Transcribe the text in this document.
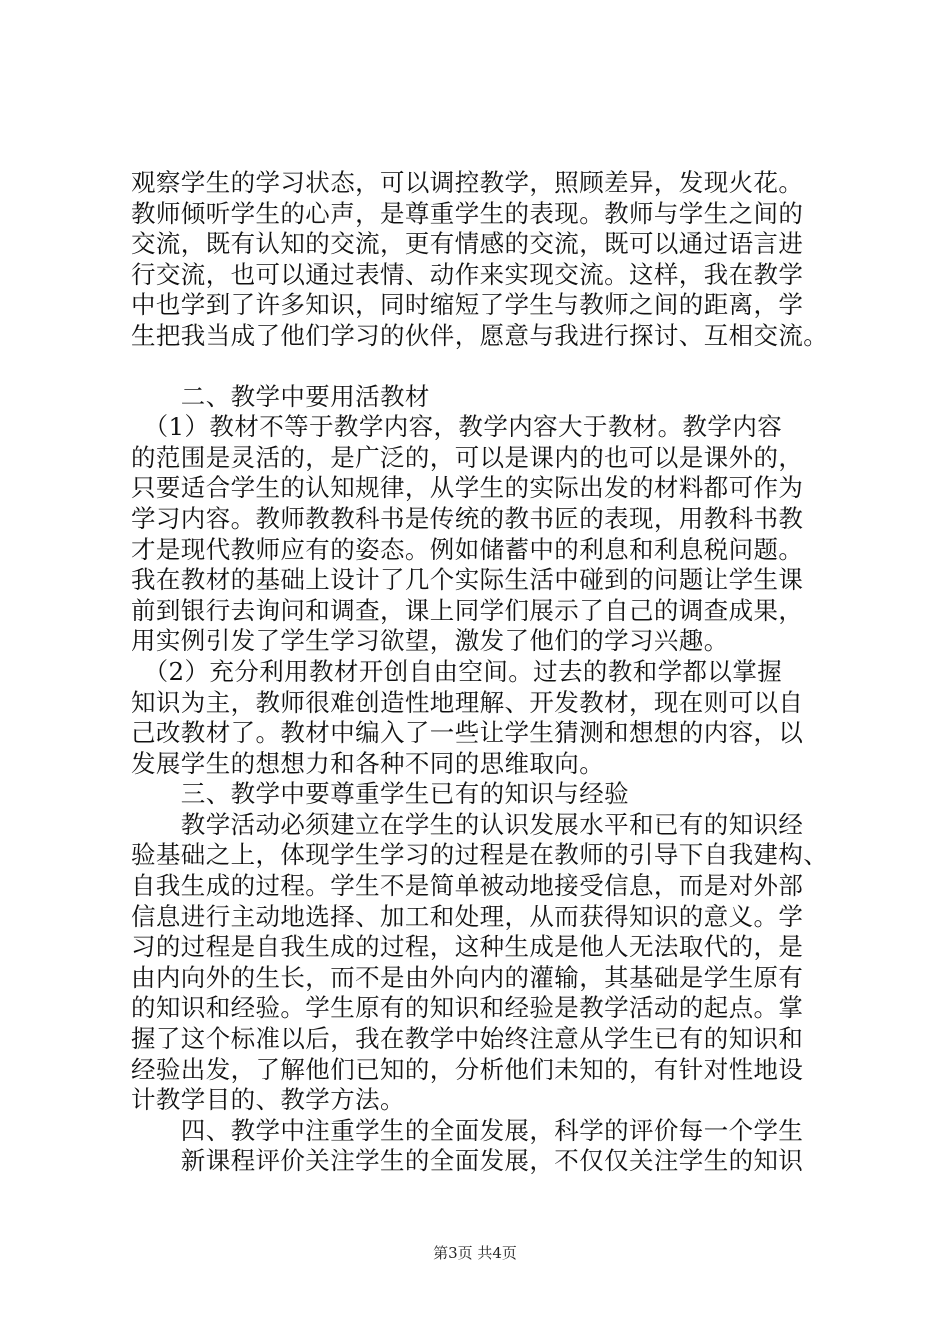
观察学生的学习状态，可以调控教学，照顾差异，发现火花。
教师倾听学生的心声，是尊重学生的表现。教师与学生之间的
交流，既有认知的交流，更有情感的交流，既可以通过语言进
行交流，也可以通过表情、动作来实现交流。这样，我在教学
中也学到了许多知识，同时缩短了学生与教师之间的距离，学
生把我当成了他们学习的伙伴，愿意与我进行探讨、互相交流。
　　二、教学中要用活教材
　（1）教材不等于教学内容，教学内容大于教材。教学内容
的范围是灵活的，是广泛的，可以是课内的也可以是课外的，
只要适合学生的认知规律，从学生的实际出发的材料都可作为
学习内容。教师教教科书是传统的教书匠的表现，用教科书教
才是现代教师应有的姿态。例如储蓄中的利息和利息税问题。
我在教材的基础上设计了几个实际生活中碰到的问题让学生课
前到银行去询问和调查，课上同学们展示了自己的调查成果，
用实例引发了学生学习欲望，激发了他们的学习兴趣。
　（2）充分利用教材开创自由空间。过去的教和学都以掌握
知识为主，教师很难创造性地理解、开发教材，现在则可以自
己改教材了。教材中编入了一些让学生猜测和想想的内容，以
发展学生的想想力和各种不同的思维取向。
　　三、教学中要尊重学生已有的知识与经验
　　教学活动必须建立在学生的认识发展水平和已有的知识经
验基础之上，体现学生学习的过程是在教师的引导下自我建构、
自我生成的过程。学生不是简单被动地接受信息，而是对外部
信息进行主动地选择、加工和处理，从而获得知识的意义。学
习的过程是自我生成的过程，这种生成是他人无法取代的，是
由内向外的生长，而不是由外向内的灌输，其基础是学生原有
的知识和经验。学生原有的知识和经验是教学活动的起点。掌
握了这个标准以后，我在教学中始终注意从学生已有的知识和
经验出发，了解他们已知的，分析他们未知的，有针对性地设
计教学目的、教学方法。
　　四、教学中注重学生的全面发展，科学的评价每一个学生
　　新课程评价关注学生的全面发展，不仅仅关注学生的知识
第3页 共4页
